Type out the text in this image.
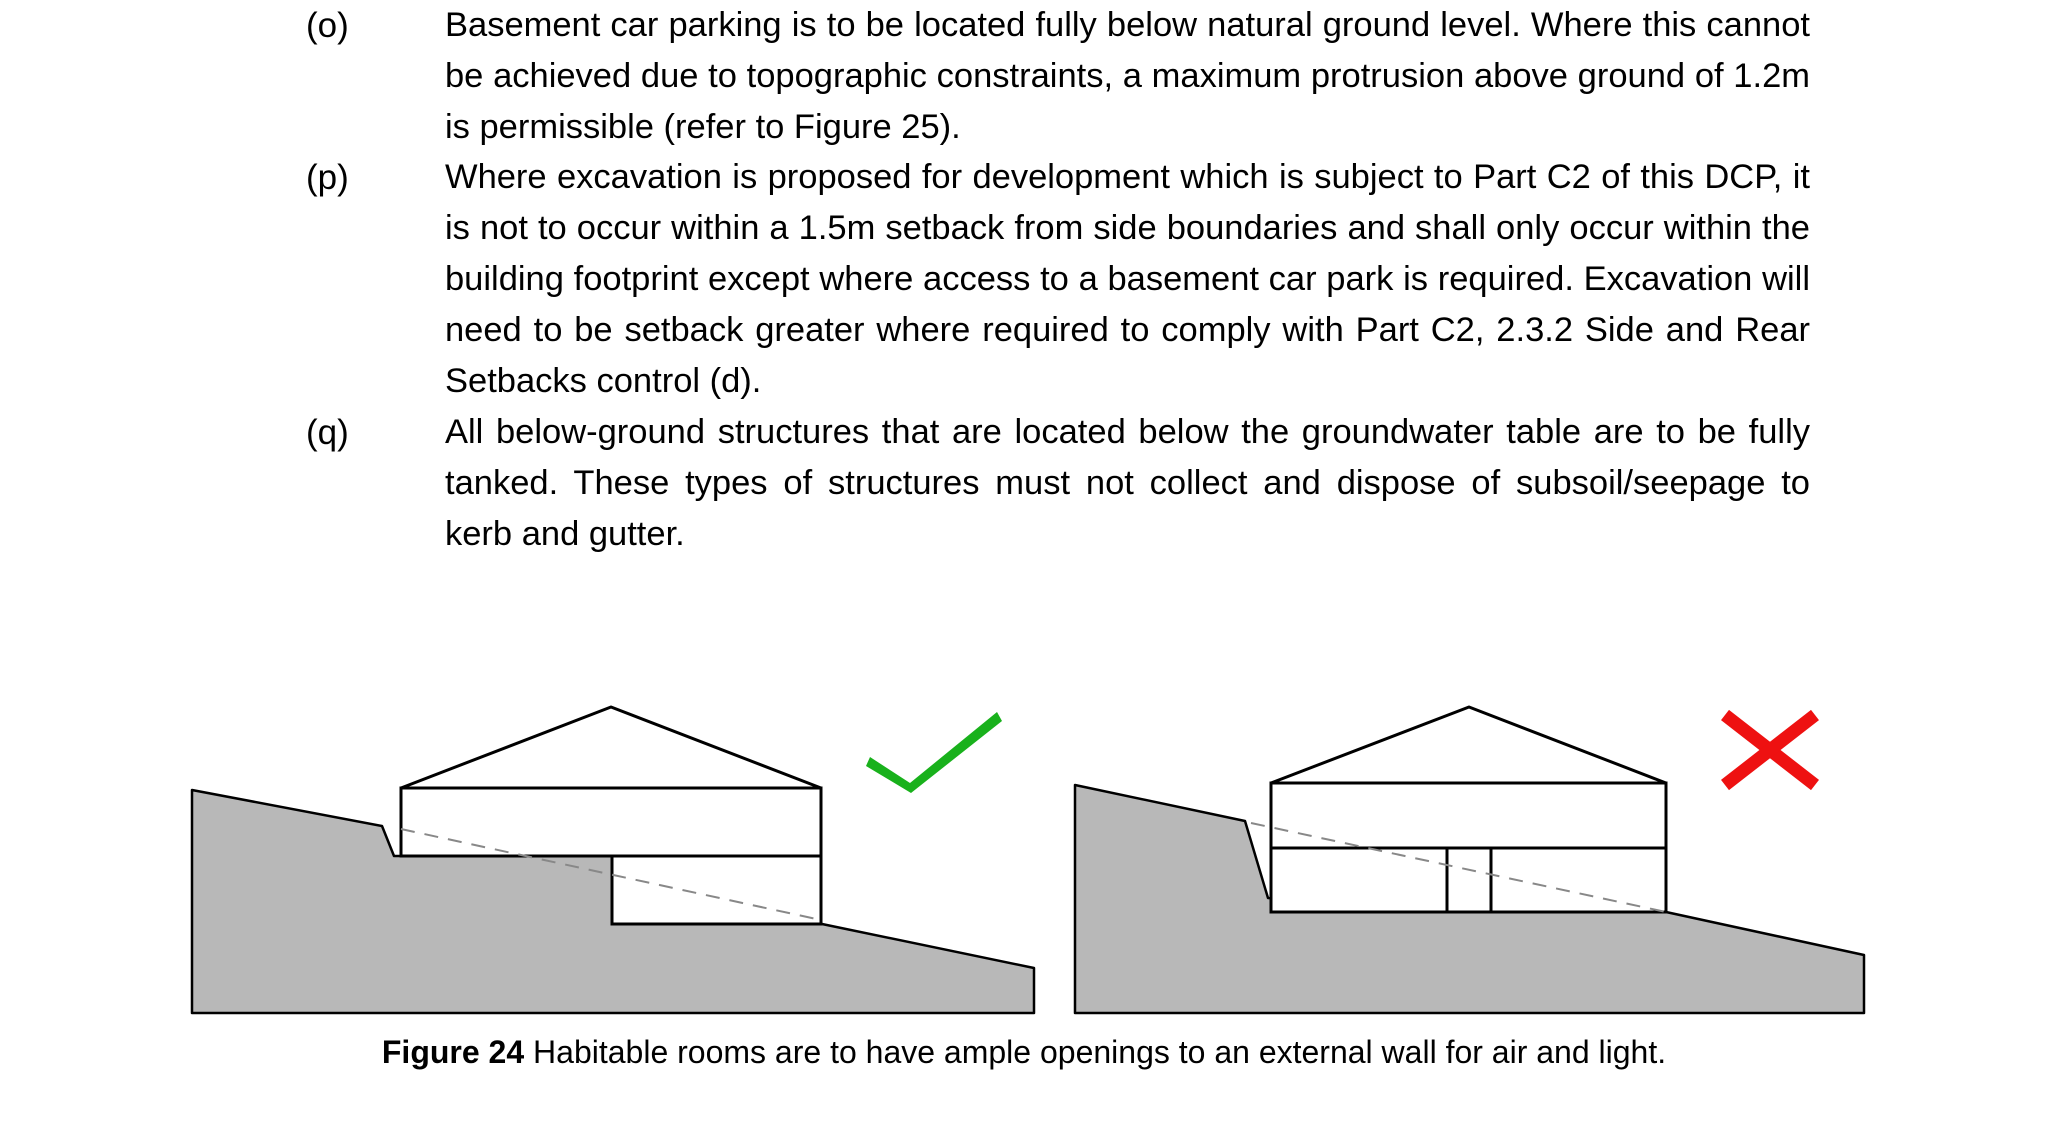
(o)	Basement car parking is to be located fully below natural ground level. Where this cannot be achieved due to topographic constraints, a maximum protrusion above ground of 1.2m is permissible (refer to Figure 25).
(p)	Where excavation is proposed for development which is subject to Part C2 of this DCP, it is not to occur within a 1.5m setback from side boundaries and shall only occur within the building footprint except where access to a basement car park is required. Excavation will need to be setback greater where required to comply with Part C2, 2.3.2 Side and Rear Setbacks control (d).
(q)	All below-ground structures that are located below the groundwater table are to be fully tanked. These types of structures must not collect and dispose of subsoil/seepage to kerb and gutter.
Figure 24 Habitable rooms are to have ample openings to an external wall for air and light.
